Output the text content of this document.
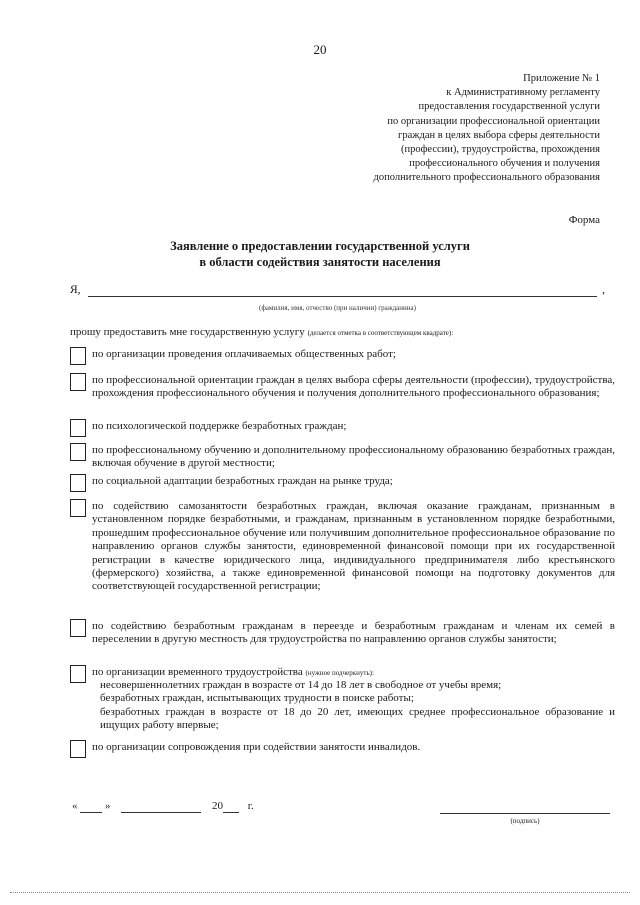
20
Приложение № 1
к Административному регламенту
предоставления государственной услуги
по организации профессиональной ориентации
граждан в целях выбора сферы деятельности
(профессии), трудоустройства, прохождения
профессионального обучения и получения
дополнительного профессионального образования
Форма
Заявление о предоставлении государственной услуги
в области содействия занятости населения
Я,	,
(фамилия, имя, отчество (при наличии) гражданина)
прошу предоставить мне государственную услугу (делается отметка в соответствующем квадрате):
по организации проведения оплачиваемых общественных работ;
по профессиональной ориентации граждан в целях выбора сферы деятельности (профессии), трудоустройства, прохождения профессионального обучения и получения дополнительного профессионального образования;
по психологической поддержке безработных граждан;
по профессиональному обучению и дополнительному профессиональному образованию безработных граждан, включая обучение в другой местности;
по социальной адаптации безработных граждан на рынке труда;
по содействию самозанятости безработных граждан, включая оказание гражданам, признанным в установленном порядке безработными, и гражданам, признанным в установленном порядке безработными, прошедшим профессиональное обучение или получившим дополнительное профессиональное образование по направлению органов службы занятости, единовременной финансовой помощи при их государственной регистрации в качестве юридического лица, индивидуального предпринимателя либо крестьянского (фермерского) хозяйства, а также единовременной финансовой помощи на подготовку документов для соответствующей государственной регистрации;
по содействию безработным гражданам в переезде и безработным гражданам и членам их семей в переселении в другую местность для трудоустройства по направлению органов службы занятости;
по организации временного трудоустройства (нужное подчеркнуть):
несовершеннолетних граждан в возрасте от 14 до 18 лет в свободное от учебы время;
безработных граждан, испытывающих трудности в поиске работы;
безработных граждан в возрасте от 18 до 20 лет, имеющих среднее профессиональное образование и ищущих работу впервые;
по организации сопровождения при содействии занятости инвалидов.
«	»	20 г.
(подпись)
